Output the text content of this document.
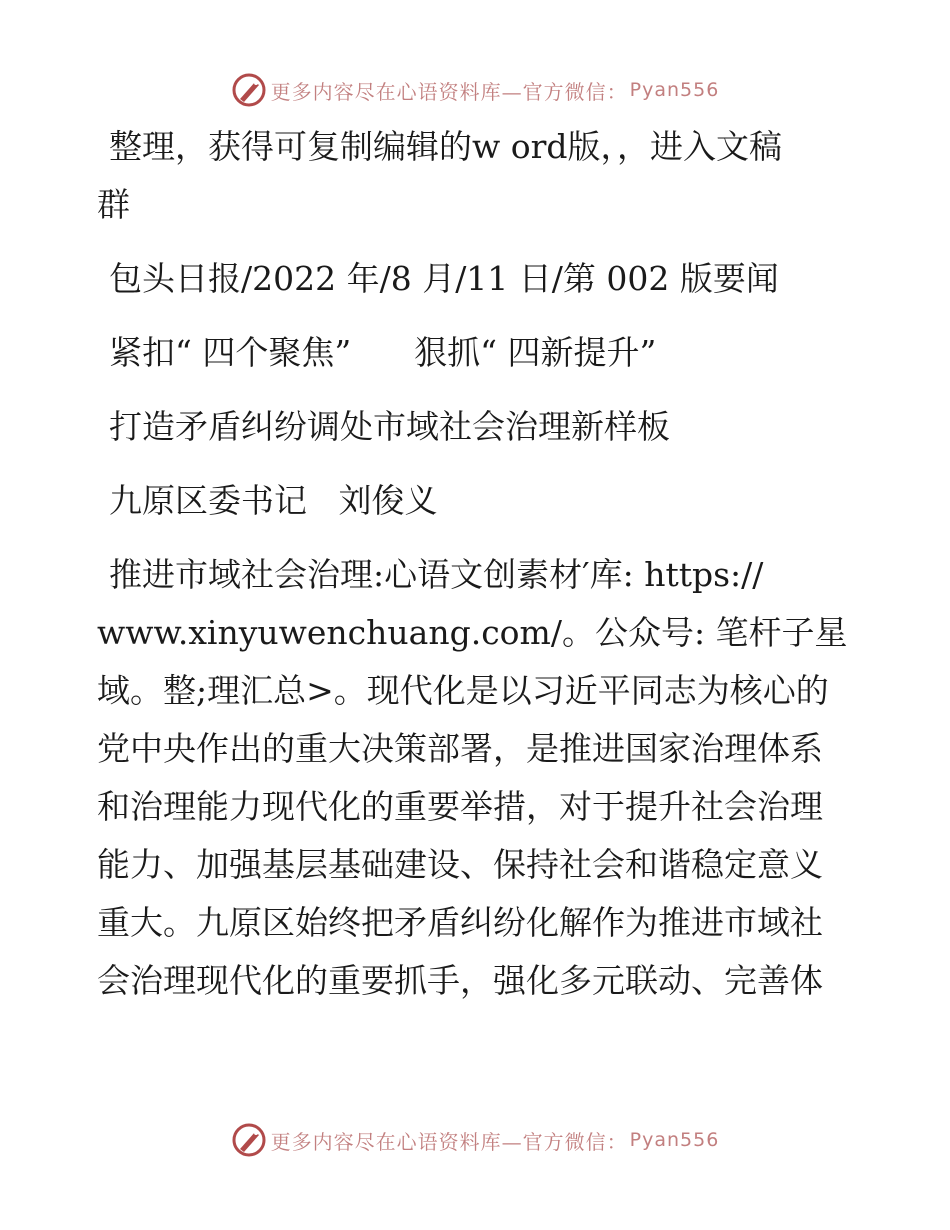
更多内容尽在心语资料库—官方微信： Pyan556
整理，获得可复制编辑的w ord版，，进入文稿
群
包头日报/2022 年/8 月/11 日/第 002 版要闻
紧扣“ 四个聚焦”      狠抓“ 四新提升”
打造矛盾纠纷调处市域社会治理新样板
九原区委书记   刘俊义
推进市域社会治理:心语文创素材′库: https://
www.xinyuwenchuang.com/。公众号: 笔杆子星
域。整;理汇总>。现代化是以习近平同志为核心的
党中央作出的重大决策部署，是推进国家治理体系
和治理能力现代化的重要举措，对于提升社会治理
能力、加强基层基础建设、保持社会和谐稳定意义
重大。九原区始终把矛盾纠纷化解作为推进市域社
会治理现代化的重要抓手，强化多元联动、完善体
更多内容尽在心语资料库—官方微信： Pyan556
